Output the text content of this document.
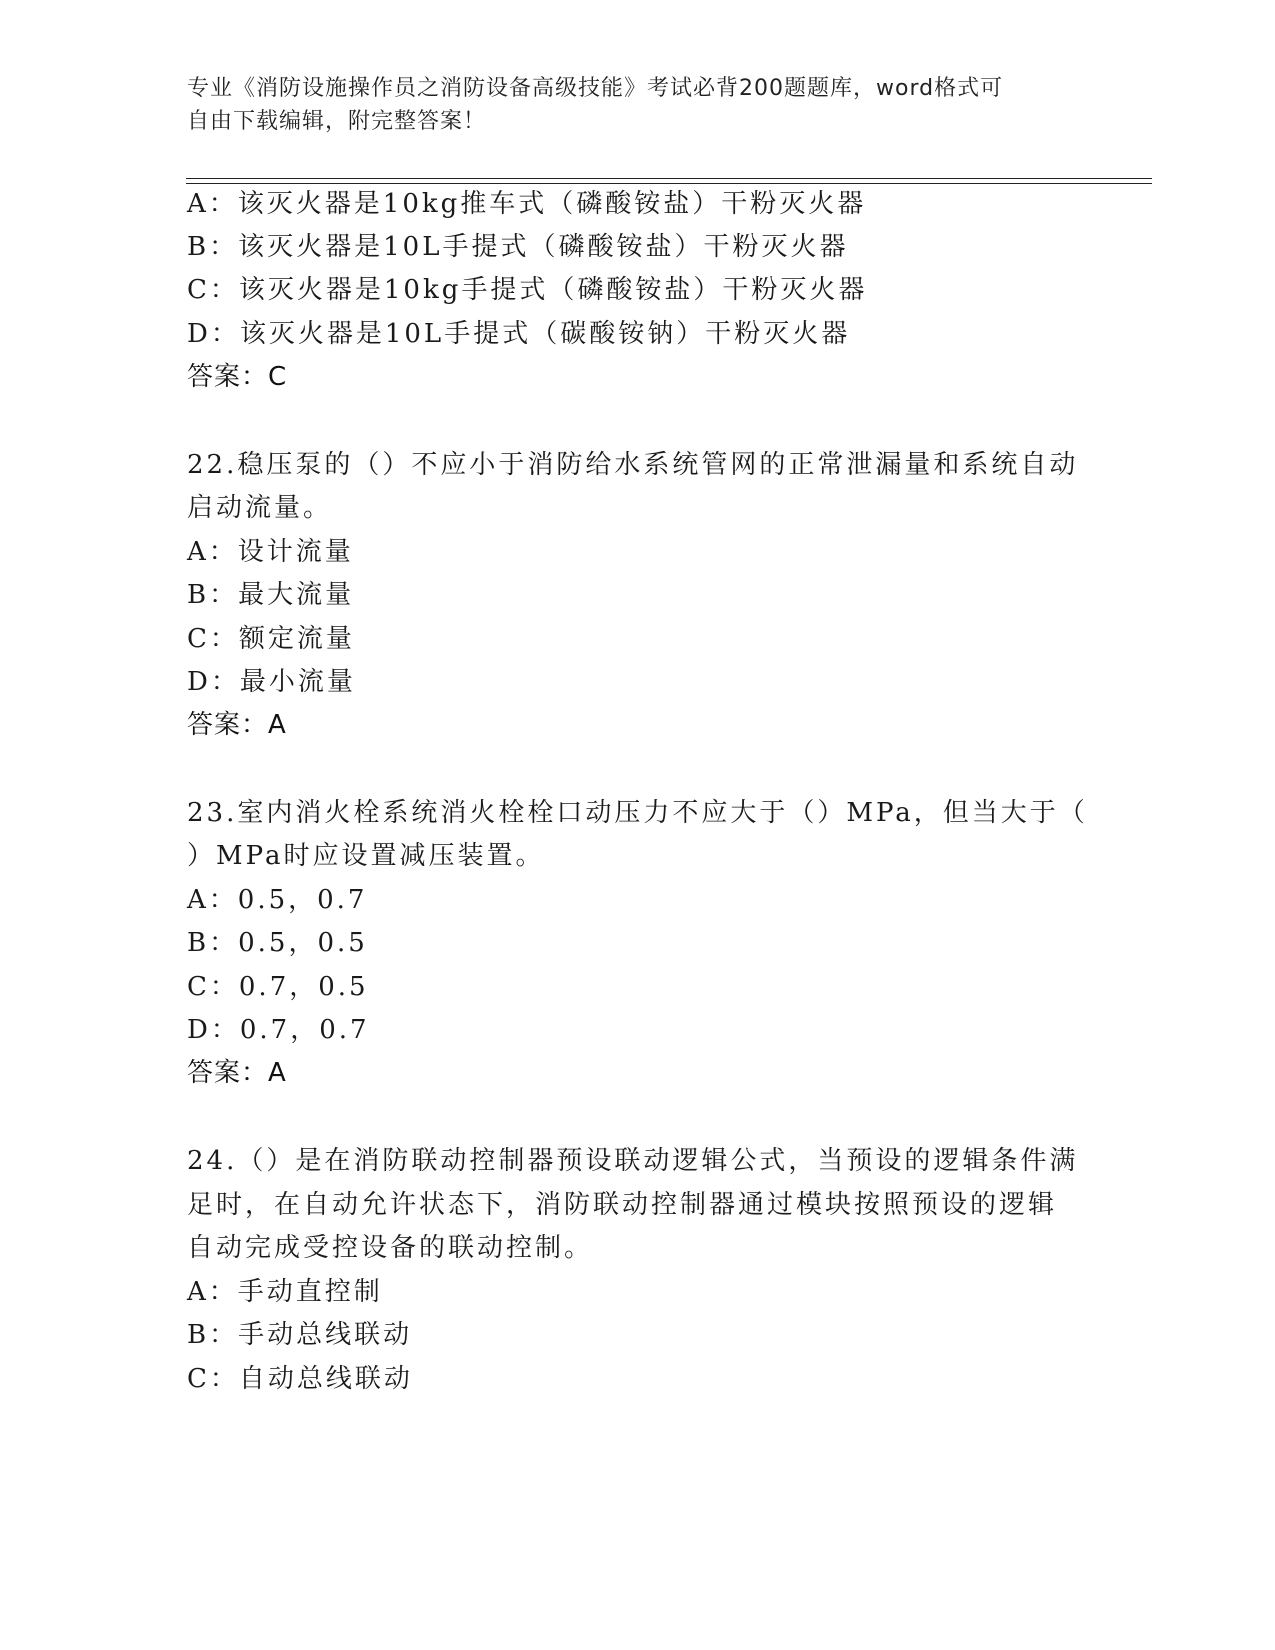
专业《消防设施操作员之消防设备高级技能》考试必背200题题库，word格式可
自由下载编辑，附完整答案！
A：该灭火器是10kg推车式（磷酸铵盐）干粉灭火器
B：该灭火器是10L手提式（磷酸铵盐）干粉灭火器
C：该灭火器是10kg手提式（磷酸铵盐）干粉灭火器
D：该灭火器是10L手提式（碳酸铵钠）干粉灭火器
答案：C
22.稳压泵的（）不应小于消防给水系统管网的正常泄漏量和系统自动
启动流量。
A：设计流量
B：最大流量
C：额定流量
D：最小流量
答案：A
23.室内消火栓系统消火栓栓口动压力不应大于（）MPa，但当大于（
）MPa时应设置减压装置。
A：0.5，0.7
B：0.5，0.5
C：0.7，0.5
D：0.7，0.7
答案：A
24.（）是在消防联动控制器预设联动逻辑公式，当预设的逻辑条件满
足时，在自动允许状态下，消防联动控制器通过模块按照预设的逻辑
自动完成受控设备的联动控制。
A：手动直控制
B：手动总线联动
C：自动总线联动
